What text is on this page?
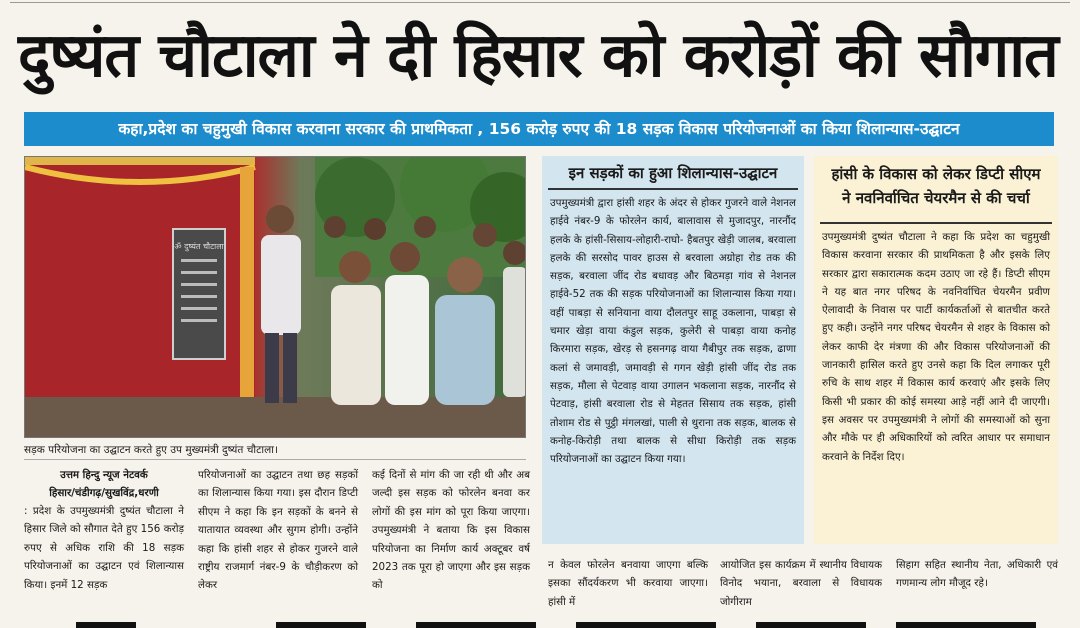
दुष्यंत चौटाला ने दी हिसार को करोड़ों की सौगात
कहा,प्रदेश का चहुमुखी विकास करवाना सरकार की प्राथमिकता , 156 करोड़ रुपए की 18 सड़क विकास परियोजनाओं का किया शिलान्यास-उद्घाटन
ॐ दुष्यंत चौटाला
सड़क परियोजना का उद्घाटन करते हुए उप मुख्यमंत्री दुष्यंत चौटाला।
उत्तम हिन्दु न्यूज नेटवर्क
हिसार/चंडीगढ़/सुखविंद्र,धरणी
: प्रदेश के उपमुख्यमंत्री दुष्यंत चौटाला ने हिसार जिले को सौगात देते हुए 156 करोड़ रुपए से अधिक राशि की 18 सड़क परियोजनाओं का उद्घाटन एवं शिलान्यास किया। इनमें 12 सड़क
परियोजनाओं का उद्घाटन तथा छह सड़कों का शिलान्यास किया गया। इस दौरान डिप्टी सीएम ने कहा कि इन सड़कों के बनने से यातायात व्यवस्था और सुगम होगी। उन्होंने कहा कि हांसी शहर से होकर गुजरने वाले राष्ट्रीय राजमार्ग नंबर-9 के चौड़ीकरण को लेकर
कई दिनों से मांग की जा रही थी और अब जल्दी इस सड़क को फोरलेन बनवा कर लोगों की इस मांग को पूरा किया जाएगा। उपमुख्यमंत्री ने बताया कि इस विकास परियोजना का निर्माण कार्य अक्टूबर वर्ष 2023 तक पूरा हो जाएगा और इस सड़क को
इन सड़कों का हुआ शिलान्यास-उद्घाटन

उपमुख्यमंत्री द्वारा हांसी शहर के अंदर से होकर गुजरने वाले नेशनल हाईवे नंबर-9 के फोरलेन कार्य, बालावास से मुजादपुर, नारनौंद हलके के हांसी-सिसाय-लोहारी-राघो- हैबतपुर खेड़ी जालब, बरवाला हलके की सरसोद पावर हाउस से बरवाला अग्रोहा रोड तक की सड़क, बरवाला जींद रोड बधावड़ और बिठमड़ा गांव से नेशनल हाईवे-52 तक की सड़क परियोजनाओं का शिलान्यास किया गया। वहीं पाबड़ा से सनियाना वाया दौलतपुर साहू उकलाना, पाबड़ा से चमार खेड़ा वाया कंडुल सड़क, कुलेरी से पाबड़ा वाया कनोह किरमारा सड़क, खेरड़ से हसनगढ़ वाया गैबीपुर तक सड़क, ढाणा कलां से जमावड़ी, जमावड़ी से गगन खेड़ी हांसी जींद रोड तक सड़क, मौला से पेटवाड़ वाया उगालन भकलाना सड़क, नारनौंद से पेटवाड़, हांसी बरवाला रोड से मेहतत सिसाय तक सड़क, हांसी तोशाम रोड से पुट्ठी मंगलखां, पाली से थुराना तक सड़क, बालक से कनोह-किरोड़ी तथा बालक से सीधा किरोड़ी तक सड़क परियोजनाओं का उद्घाटन किया गया।

हांसी के विकास को लेकर डिप्टी सीएम
ने नवनिर्वाचित चेयरमैन से की चर्चा

उपमुख्यमंत्री दुष्यंत चौटाला ने कहा कि प्रदेश का चहुमुखी विकास करवाना सरकार की प्राथमिकता है और इसके लिए सरकार द्वारा सकारात्मक कदम उठाए जा रहे हैं। डिप्टी सीएम ने यह बात नगर परिषद के नवनिर्वाचित चेयरमैन प्रवीण ऐलावादी के निवास पर पार्टी कार्यकर्ताओं से बातचीत करते हुए कही। उन्होंने नगर परिषद चेयरमैन से शहर के विकास को लेकर काफी देर मंत्रणा की और विकास परियोजनाओं की जानकारी हासिल करते हुए उनसे कहा कि दिल लगाकर पूरी रुचि के साथ शहर में विकास कार्य करवाएं और इसके लिए किसी भी प्रकार की कोई समस्या आड़े नहीं आने दी जाएगी। इस अवसर पर उपमुख्यमंत्री ने लोगों की समस्याओं को सुना और मौके पर ही अधिकारियों को त्वरित आधार पर समाधान करवाने के निर्देश दिए।

न केवल फोरलेन बनवाया जाएगा बल्कि इसका सौंदर्यकरण भी करवाया जाएगा। हांसी में
आयोजित इस कार्यक्रम में स्थानीय विधायक विनोद भयाना, बरवाला से विधायक जोगीराम
सिहाग सहित स्थानीय नेता, अधिकारी एवं गणमान्य लोग मौजूद रहे।
